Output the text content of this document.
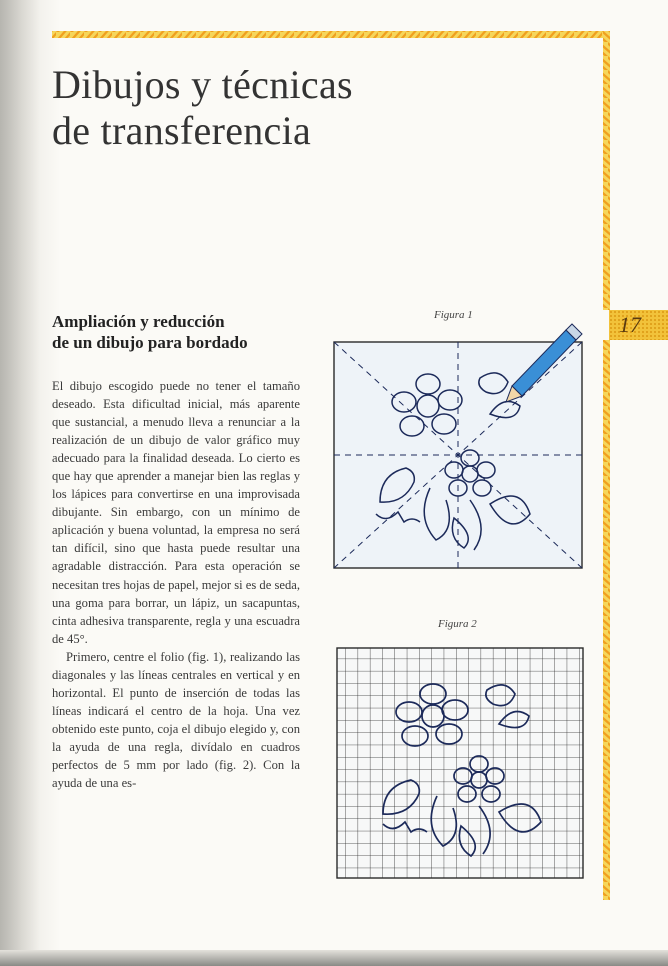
17
Dibujos y técnicas
de transferencia
Ampliación y reducción
de un dibujo para bordado

El dibujo escogido puede no tener el tamaño deseado. Esta dificultad inicial, más aparente que sustancial, a menudo lleva a renunciar a la realización de un dibujo de valor gráfico muy adecuado para la finalidad deseada. Lo cierto es que hay que aprender a manejar bien las reglas y los lápices para convertirse en una improvisada dibujante. Sin embargo, con un mínimo de aplicación y buena voluntad, la empresa no será tan difícil, sino que hasta puede resultar una agradable distracción. Para esta operación se necesitan tres hojas de papel, mejor si es de seda, una goma para borrar, un lápiz, un sacapuntas, cinta adhesiva transparente, regla y una escuadra de 45°.

Primero, centre el folio (fig. 1), realizando las diagonales y las líneas centrales en vertical y en horizontal. El punto de inserción de todas las líneas indicará el centro de la hoja. Una vez obtenido este punto, coja el dibujo elegido y, con la ayuda de una regla, divídalo en cuadros perfectos de 5 mm por lado (fig. 2). Con la ayuda de una es-

Figura 1
Figura 2
